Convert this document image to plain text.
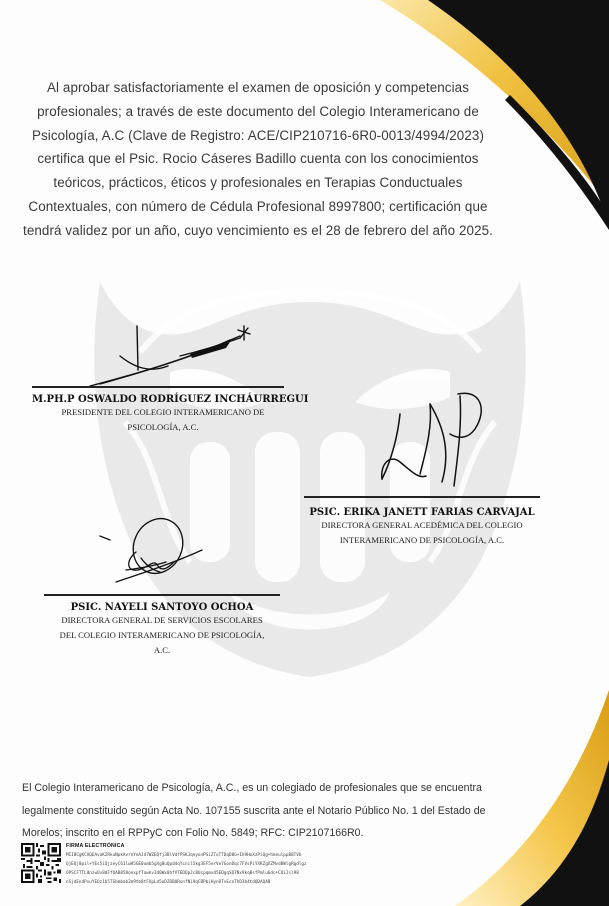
Al aprobar satisfactoriamente el examen de oposición y competencias
profesionales; a través de este documento del Colegio Interamericano de
Psicología, A.C (Clave de Registro: ACE/CIP210716-6R0-0013/4994/2023)
certifica que el Psic. Rocio Cáseres Badillo cuenta con los conocimientos
teóricos, prácticos, éticos y profesionales en Terapias Conductuales
Contextuales, con número de Cédula Profesional 8997800; certificación que
tendrá validez por un año, cuyo vencimiento es el 28 de febrero del año 2025.
M.PH.P OSWALDO RODRÍGUEZ INCHÁURREGUI
PRESIDENTE DEL COLEGIO INTERAMERICANO DE
PSICOLOGÍA, A.C.
PSIC. ERIKA JANETT FARIAS CARVAJAL
DIRECTORA GENERAL ACEDÉMICA DEL COLEGIO
INTERAMERICANO DE PSICOLOGÍA, A.C.
PSIC. NAYELI SANTOYO OCHOA
DIRECTORA GENERAL DE SERVICIOS ESCOLARES
DEL COLEGIO INTERAMERICANO DE PSICOLOGÍA,
A.C.
El Colegio Interamericano de Psicología, A.C., es un colegiado de profesionales que se encuentra
legalmente constituido según Acta No. 107155 suscrita ante el Notario Público No. 1 del Estado de
Morelos; inscrito en el RPPyC con Folio No. 5849; RFC: CIP2107166R0.
FIRMA ELECTRÓNICA
MIIBCgKCAQEAvaK2RkuNpkAvrnYeAJd7WZEQfj3BlVdfPSKJqeyonPSiZToTTDqD8G+Ih9HoXzPiQg+hkeulppB8TVb
QjEQj0pil+YEs5iQjzeyC61lwH5GE0umb5gXg8uQpd4qYcnil5kg3EF5erVe7GonDqc7FVsPiYXKZgXZMvd8WlgRgdlgz
OPSCFTTLdnzwUv8dFfUAB858onxpfTawkv340Wx0hfVTEDQpJc8Ucpqmxd5EDgqSQ7Nx9kqBsfPmlu6dc+COi2sl98
nSjdEndPvuYEOz1b5TGbmbab2m9tb8tFXpLd5oDZDBURunfNi9qCBPbiHynDTvEcoThD3b4tdQDAQAB
